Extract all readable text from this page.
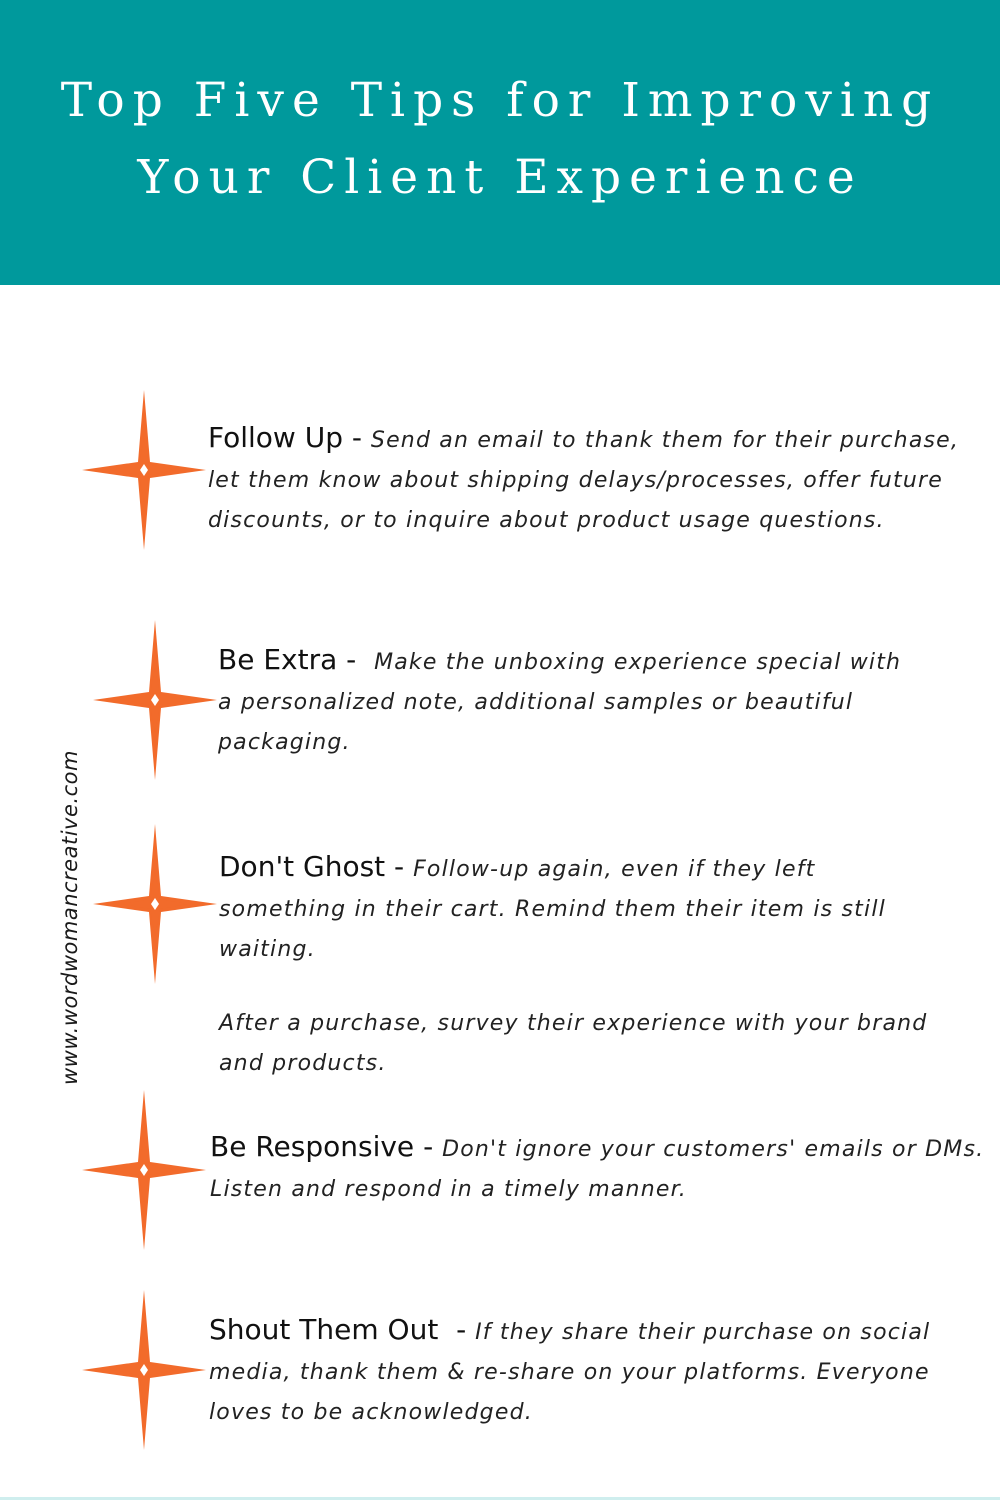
Top Five Tips for Improving
Your Client Experience
www.wordwomancreative.com

Follow Up - Send an email to thank them for their purchase, let them know about shipping delays/processes, offer future discounts, or to inquire about product usage questions.

Be Extra -  Make the unboxing experience special with a personalized note, additional samples or beautiful packaging.

Don't Ghost - Follow-up again, even if they left something in their cart. Remind them their item is still waiting.

After a purchase, survey their experience with your brand and products.

Be Responsive - Don't ignore your customers' emails or DMs. Listen and respond in a timely manner.

Shout Them Out  - If they share their purchase on social media, thank them & re-share on your platforms. Everyone loves to be acknowledged.
